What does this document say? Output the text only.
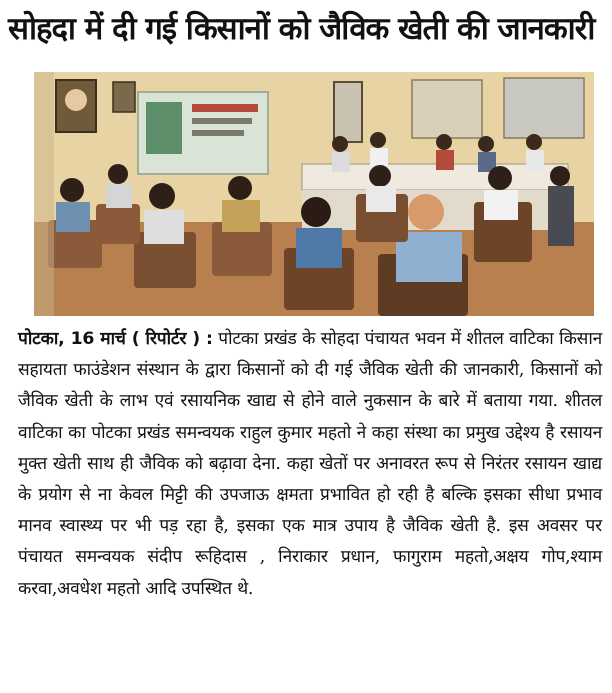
सोहदा में दी गई किसानों को जैविक खेती की जानकारी
पोटका, 16 मार्च ( रिपोर्टर ) : पोटका प्रखंड के सोहदा पंचायत भवन में शीतल वाटिका किसान सहायता फाउंडेशन संस्थान के द्वारा किसानों को दी गई जैविक खेती की जानकारी, किसानों को जैविक खेती के लाभ एवं रसायनिक खाद्य से होने वाले नुकसान के बारे में बताया गया. शीतल वाटिका का पोटका प्रखंड समन्वयक राहुल कुमार महतो ने कहा संस्था का प्रमुख उद्देश्य है रसायन मुक्त खेती साथ ही जैविक को बढ़ावा देना. कहा खेतों पर अनावरत रूप से निरंतर रसायन खाद्य के प्रयोग से ना केवल मिट्टी की उपजाऊ क्षमता प्रभावित हो रही है बल्कि इसका सीधा प्रभाव मानव स्वास्थ्य पर भी पड़ रहा है, इसका एक मात्र उपाय है जैविक खेती है. इस अवसर पर पंचायत समन्वयक संदीप रूहिदास , निराकार प्रधान, फागुराम महतो,अक्षय गोप,श्याम करवा,अवधेश महतो आदि उपस्थित थे.
